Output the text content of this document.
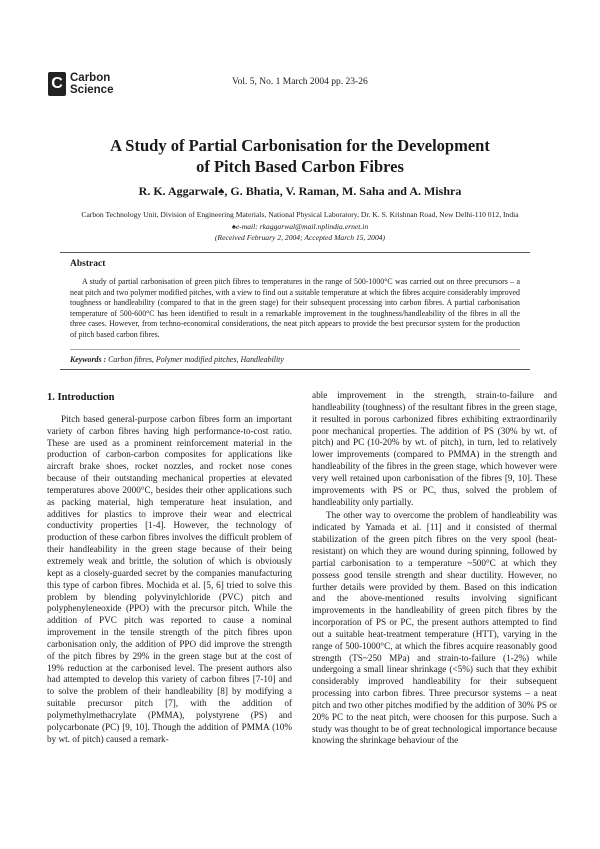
C Carbon
Science
Vol. 5, No. 1 March 2004 pp. 23-26
A Study of Partial Carbonisation for the Development
of Pitch Based Carbon Fibres
R. K. Aggarwal♠, G. Bhatia, V. Raman, M. Saha and A. Mishra
Carbon Technology Unit, Division of Engineering Materials, National Physical Laboratory, Dr. K. S. Krishnan Road, New Delhi-110 012, India
♠e-mail: rkaggarwal@mail.nplindia.ernet.in
(Received February 2, 2004; Accepted March 15, 2004)
Abstract
A study of partial carbonisation of green pitch fibres to temperatures in the range of 500-1000°C was carried out on three precursors – a neat pitch and two polymer modified pitches, with a view to find out a suitable temperature at which the fibres acquire considerably improved toughness or handleability (compared to that in the green stage) for their subsequent processing into carbon fibres. A partial carbonisation temperature of 500-600°C has been identified to result in a remarkable improvement in the toughness/handleability of the fibres in all the three cases. However, from techno-economical considerations, the neat pitch appears to provide the best precursor system for the production of pitch based carbon fibres.
Keywords : Carbon fibres, Polymer modified pitches, Handleability
1. Introduction

Pitch based general-purpose carbon fibres form an important variety of carbon fibres having high performance-to-cost ratio. These are used as a prominent reinforcement material in the production of carbon-carbon composites for applications like aircraft brake shoes, rocket nozzles, and rocket nose cones because of their outstanding mechanical properties at elevated temperatures above 2000°C, besides their other applications such as packing material, high temperature heat insulation, and additives for plastics to improve their wear and electrical conductivity properties [1-4]. However, the technology of production of these carbon fibres involves the difficult problem of their handleability in the green stage because of their being extremely weak and brittle, the solution of which is obviously kept as a closely-guarded secret by the companies manufacturing this type of carbon fibres. Mochida et al. [5, 6] tried to solve this problem by blending polyvinylchloride (PVC) pitch and polyphenyleneoxide (PPO) with the precursor pitch. While the addition of PVC pitch was reported to cause a nominal improvement in the tensile strength of the pitch fibres upon carbonisation only, the addition of PPO did improve the strength of the pitch fibres by 29% in the green stage but at the cost of 19% reduction at the carbonised level. The present authors also had attempted to develop this variety of carbon fibres [7-10] and to solve the problem of their handleability [8] by modifying a suitable precursor pitch [7], with the addition of polymethylmethacrylate (PMMA), polystyrene (PS) and polycarbonate (PC) [9, 10]. Though the addition of PMMA (10% by wt. of pitch) caused a remark-

able improvement in the strength, strain-to-failure and handleability (toughness) of the resultant fibres in the green stage, it resulted in porous carbonized fibres exhibiting extraordinarily poor mechanical properties. The addition of PS (30% by wt. of pitch) and PC (10-20% by wt. of pitch), in turn, led to relatively lower improvements (compared to PMMA) in the strength and handleability of the fibres in the green stage, which however were very well retained upon carbonisation of the fibres [9, 10]. These improvements with PS or PC, thus, solved the problem of handleability only partially.

The other way to overcome the problem of handleability was indicated by Yamada et al. [11] and it consisted of thermal stabilization of the green pitch fibres on the very spool (heat-resistant) on which they are wound during spinning, followed by partial carbonisation to a temperature ~500°C at which they possess good tensile strength and shear ductility. However, no further details were provided by them. Based on this indication and the above-mentioned results involving significant improvements in the handleability of green pitch fibres by the incorporation of PS or PC, the present authors attempted to find out a suitable heat-treatment temperature (HTT), varying in the range of 500-1000°C, at which the fibres acquire reasonably good strength (TS~250 MPa) and strain-to-failure (1-2%) while undergoing a small linear shrinkage (<5%) such that they exhibit considerably improved handleability for their subsequent processing into carbon fibres. Three precursor systems – a neat pitch and two other pitches modified by the addition of 30% PS or 20% PC to the neat pitch, were choosen for this purpose. Such a study was thought to be of great technological importance because knowing the shrinkage behaviour of the
